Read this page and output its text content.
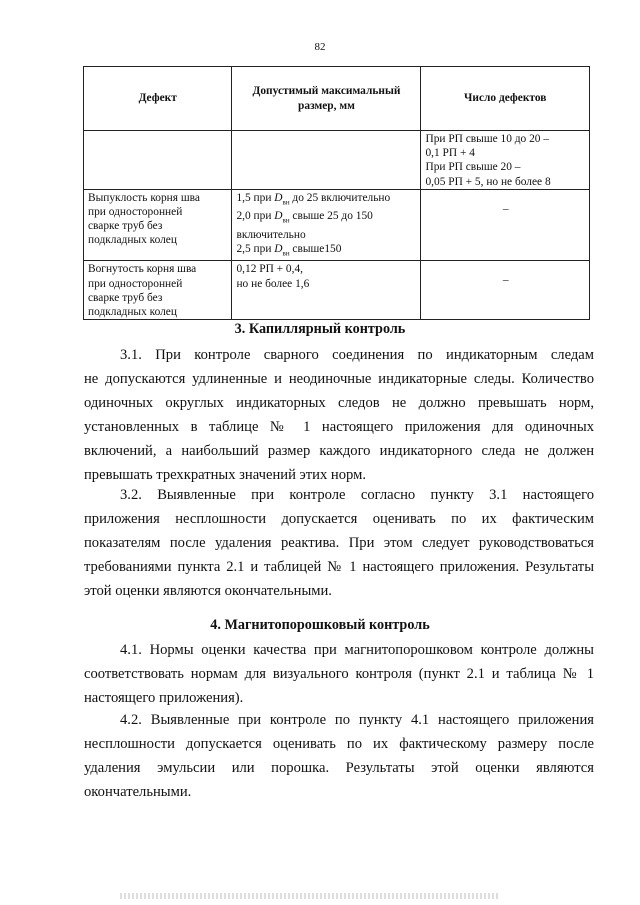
82
Дефект	Допустимый максимальный размер, мм	Число дефектов

		При РП свыше 10 до 20 –
0,1 РП + 4
При РП свыше 20 –
0,05 РП + 5, но не более 8

Выпуклость корня шва
при односторонней
сварке труб без
подкладных колец	1,5 при $D_{вн}$ до 25 включительно
2,0 при $D_{вн}$ свыше 25 до 150
включительно
2,5 при $D_{вн}$ свыше150	–

Вогнутость корня шва
при односторонней
сварке труб без
подкладных колец	0,12 РП + 0,4,
но не более 1,6	–
3. Капиллярный контроль
3.1. При контроле сварного соединения по индикаторным следам
не допускаются удлиненные и неодиночные индикаторные следы. Количество
одиночных округлых индикаторных следов не должно превышать норм,
установленных в таблице № 1 настоящего приложения для одиночных
включений, а наибольший размер каждого индикаторного следа не должен
превышать трехкратных значений этих норм.
3.2. Выявленные при контроле согласно пункту 3.1 настоящего
приложения несплошности допускается оценивать по их фактическим
показателям после удаления реактива. При этом следует руководствоваться
требованиями пункта 2.1 и таблицей № 1 настоящего приложения. Результаты
этой оценки являются окончательными.
4. Магнитопорошковый контроль
4.1. Нормы оценки качества при магнитопорошковом контроле должны
соответствовать нормам для визуального контроля (пункт 2.1 и таблица № 1
настоящего приложения).
4.2. Выявленные при контроле по пункту 4.1 настоящего приложения
несплошности допускается оценивать по их фактическому размеру после
удаления эмульсии или порошка. Результаты этой оценки являются
окончательными.
